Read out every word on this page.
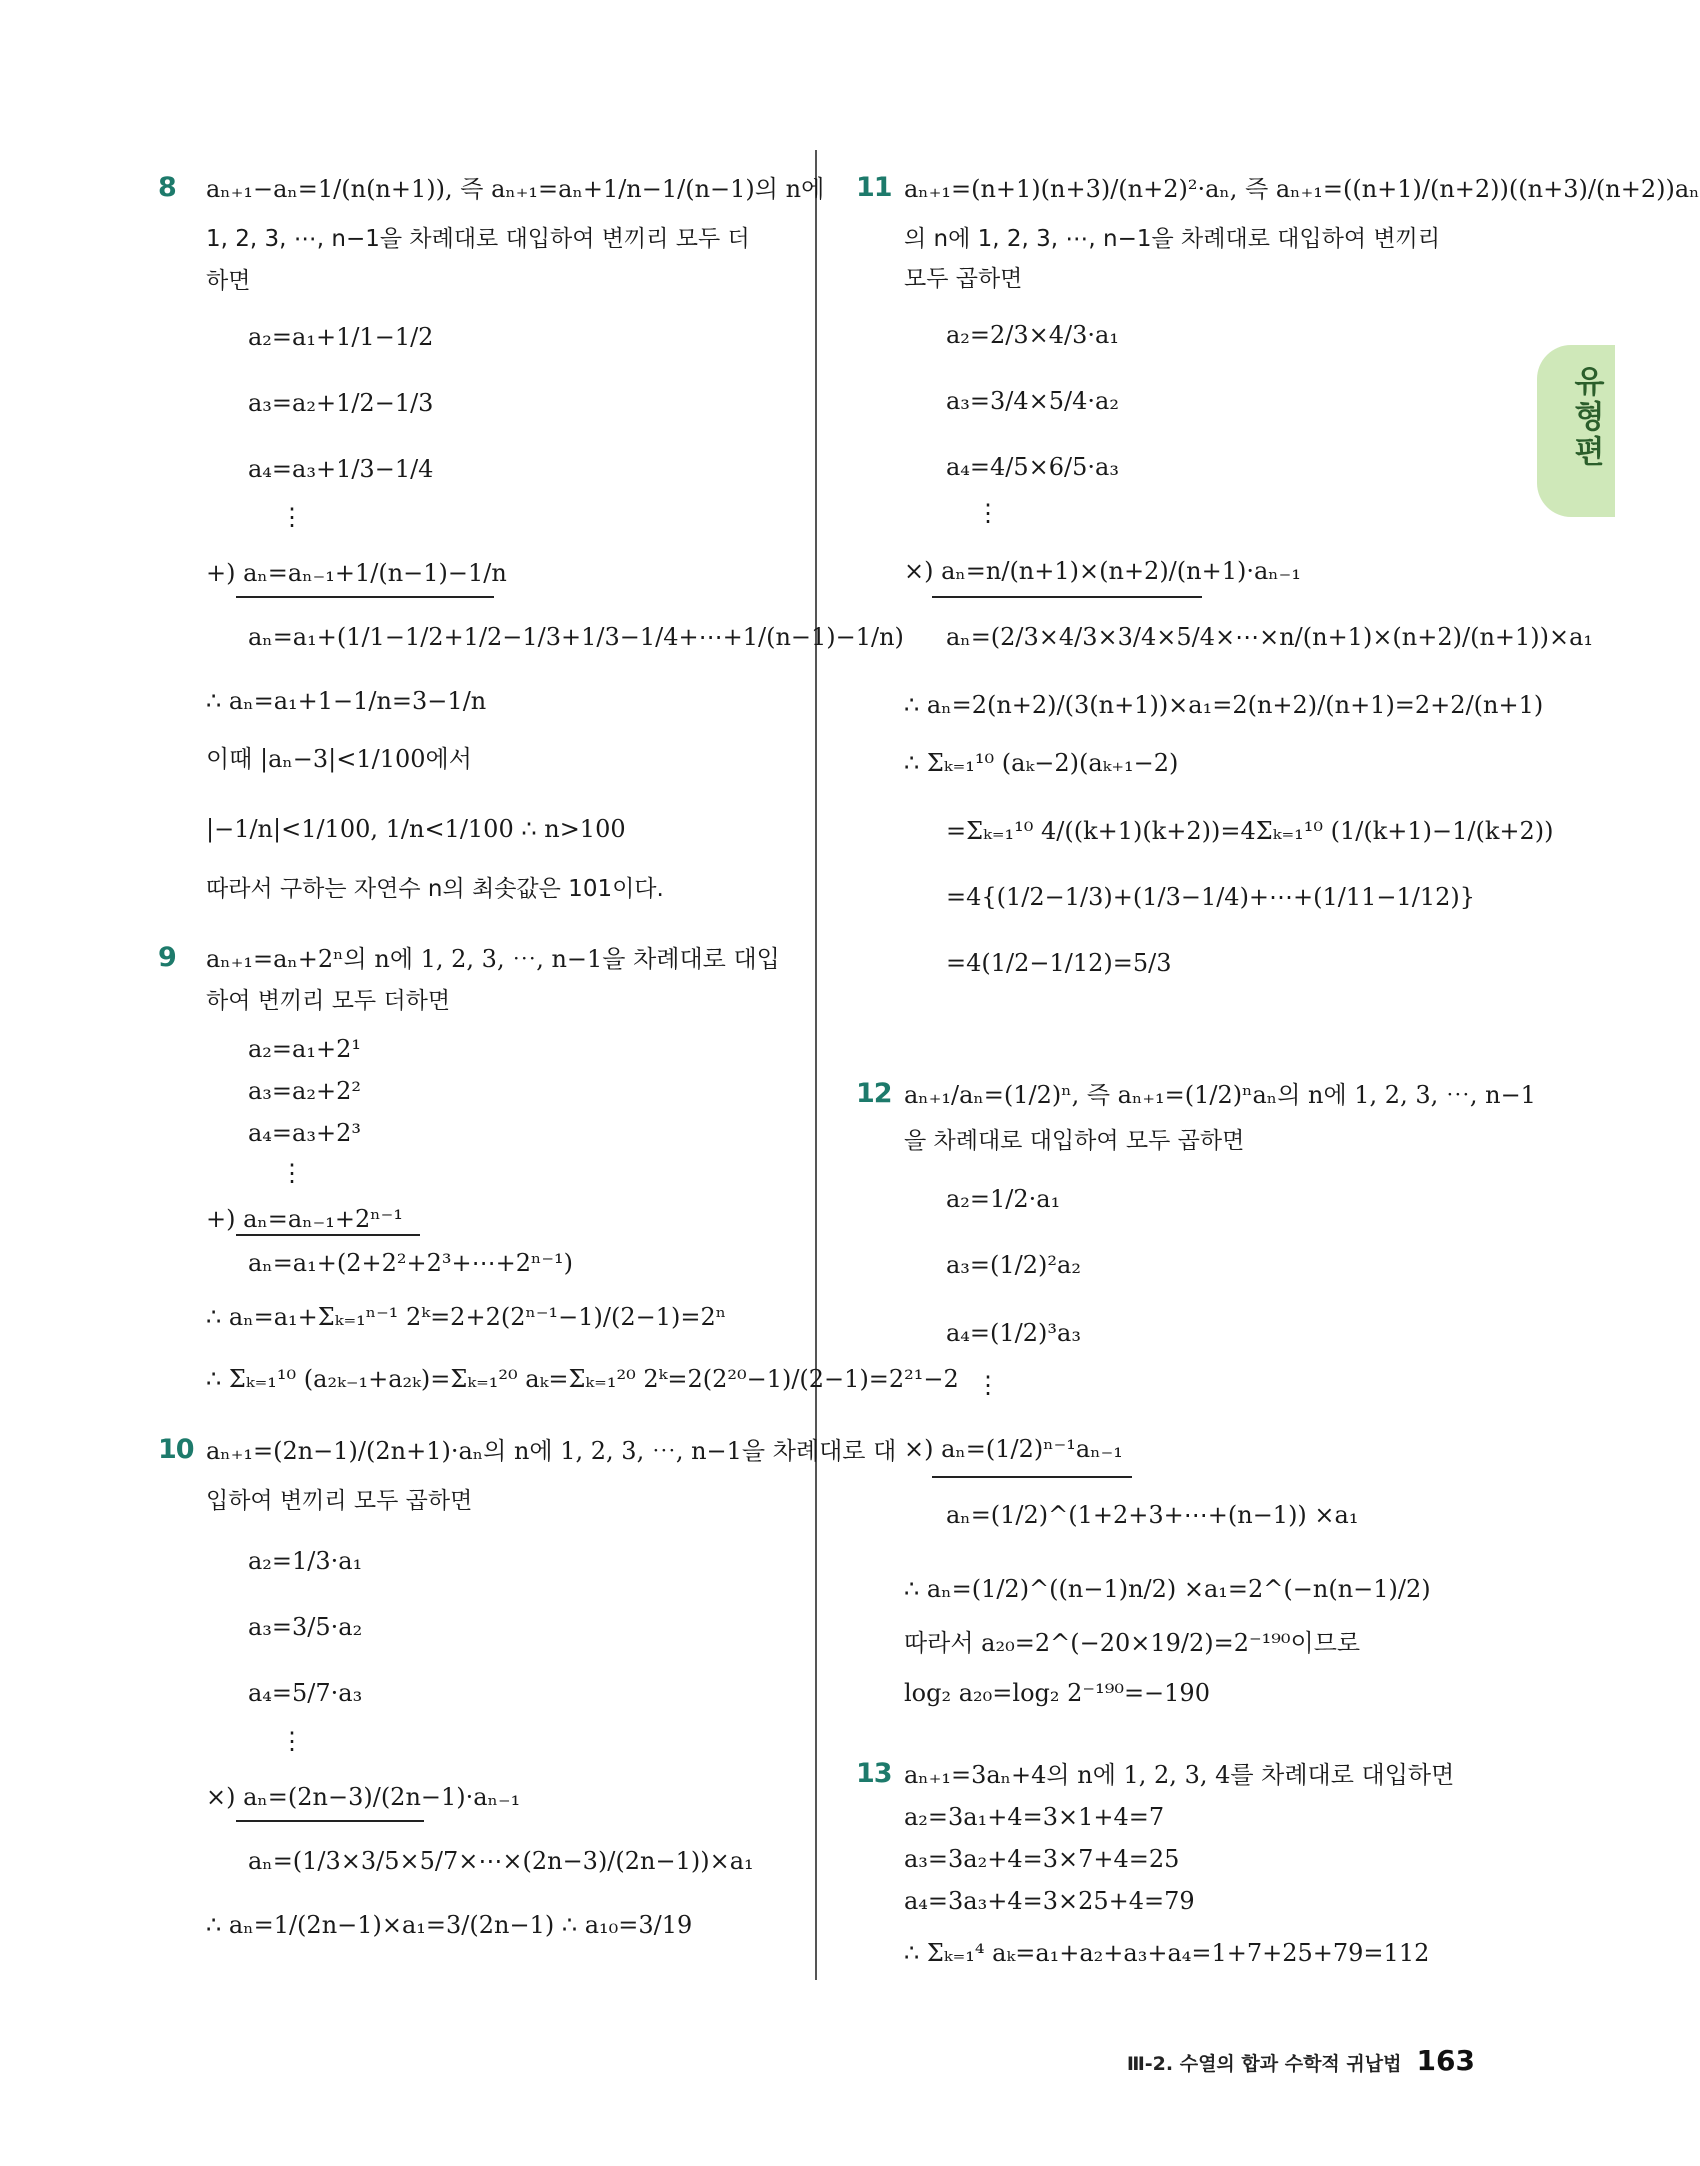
유형편
8 aₙ₊₁−aₙ=1/(n(n+1)), 즉 aₙ₊₁=aₙ+1/n−1/(n−1)의 n에
1, 2, 3, ⋯, n−1을 차례대로 대입하여 변끼리 모두 더
하면
a₂=a₁+1/1−1/2
a₃=a₂+1/2−1/3
a₄=a₃+1/3−1/4
⋮
+) aₙ=aₙ₋₁+1/(n−1)−1/n
aₙ=a₁+(1/1−1/2+1/2−1/3+1/3−1/4+⋯+1/(n−1)−1/n)
∴ aₙ=a₁+1−1/n=3−1/n
이때 |aₙ−3|<1/100에서
|−1/n|<1/100, 1/n<1/100 ∴ n>100
따라서 구하는 자연수 n의 최솟값은 101이다.
9 aₙ₊₁=aₙ+2ⁿ의 n에 1, 2, 3, ⋯, n−1을 차례대로 대입
하여 변끼리 모두 더하면
a₂=a₁+2¹
a₃=a₂+2²
a₄=a₃+2³
⋮
+) aₙ=aₙ₋₁+2ⁿ⁻¹
aₙ=a₁+(2+2²+2³+⋯+2ⁿ⁻¹)
∴ aₙ=a₁+Σₖ₌₁ⁿ⁻¹ 2ᵏ=2+2(2ⁿ⁻¹−1)/(2−1)=2ⁿ
∴ Σₖ₌₁¹⁰ (a₂ₖ₋₁+a₂ₖ)=Σₖ₌₁²⁰ aₖ=Σₖ₌₁²⁰ 2ᵏ=2(2²⁰−1)/(2−1)=2²¹−2
10 aₙ₊₁=(2n−1)/(2n+1)·aₙ의 n에 1, 2, 3, ⋯, n−1을 차례대로 대
입하여 변끼리 모두 곱하면
a₂=1/3·a₁
a₃=3/5·a₂
a₄=5/7·a₃
⋮
×) aₙ=(2n−3)/(2n−1)·aₙ₋₁
aₙ=(1/3×3/5×5/7×⋯×(2n−3)/(2n−1))×a₁
∴ aₙ=1/(2n−1)×a₁=3/(2n−1) ∴ a₁₀=3/19
11 aₙ₊₁=(n+1)(n+3)/(n+2)²·aₙ, 즉 aₙ₊₁=((n+1)/(n+2))((n+3)/(n+2))aₙ
의 n에 1, 2, 3, ⋯, n−1을 차례대로 대입하여 변끼리
모두 곱하면
a₂=2/3×4/3·a₁
a₃=3/4×5/4·a₂
a₄=4/5×6/5·a₃
⋮
×) aₙ=n/(n+1)×(n+2)/(n+1)·aₙ₋₁
aₙ=(2/3×4/3×3/4×5/4×⋯×n/(n+1)×(n+2)/(n+1))×a₁
∴ aₙ=2(n+2)/(3(n+1))×a₁=2(n+2)/(n+1)=2+2/(n+1)
∴ Σₖ₌₁¹⁰ (aₖ−2)(aₖ₊₁−2)
=Σₖ₌₁¹⁰ 4/((k+1)(k+2))=4Σₖ₌₁¹⁰ (1/(k+1)−1/(k+2))
=4{(1/2−1/3)+(1/3−1/4)+⋯+(1/11−1/12)}
=4(1/2−1/12)=5/3
12 aₙ₊₁/aₙ=(1/2)ⁿ, 즉 aₙ₊₁=(1/2)ⁿaₙ의 n에 1, 2, 3, ⋯, n−1
을 차례대로 대입하여 모두 곱하면
a₂=1/2·a₁
a₃=(1/2)²a₂
a₄=(1/2)³a₃
⋮
×) aₙ=(1/2)ⁿ⁻¹aₙ₋₁
aₙ=(1/2)^(1+2+3+⋯+(n−1)) ×a₁
∴ aₙ=(1/2)^((n−1)n/2) ×a₁=2^(−n(n−1)/2)
따라서 a₂₀=2^(−20×19/2)=2⁻¹⁹⁰이므로
log₂ a₂₀=log₂ 2⁻¹⁹⁰=−190
13 aₙ₊₁=3aₙ+4의 n에 1, 2, 3, 4를 차례대로 대입하면
a₂=3a₁+4=3×1+4=7
a₃=3a₂+4=3×7+4=25
a₄=3a₃+4=3×25+4=79
∴ Σₖ₌₁⁴ aₖ=a₁+a₂+a₃+a₄=1+7+25+79=112
Ⅲ-2. 수열의 합과 수학적 귀납법 163
